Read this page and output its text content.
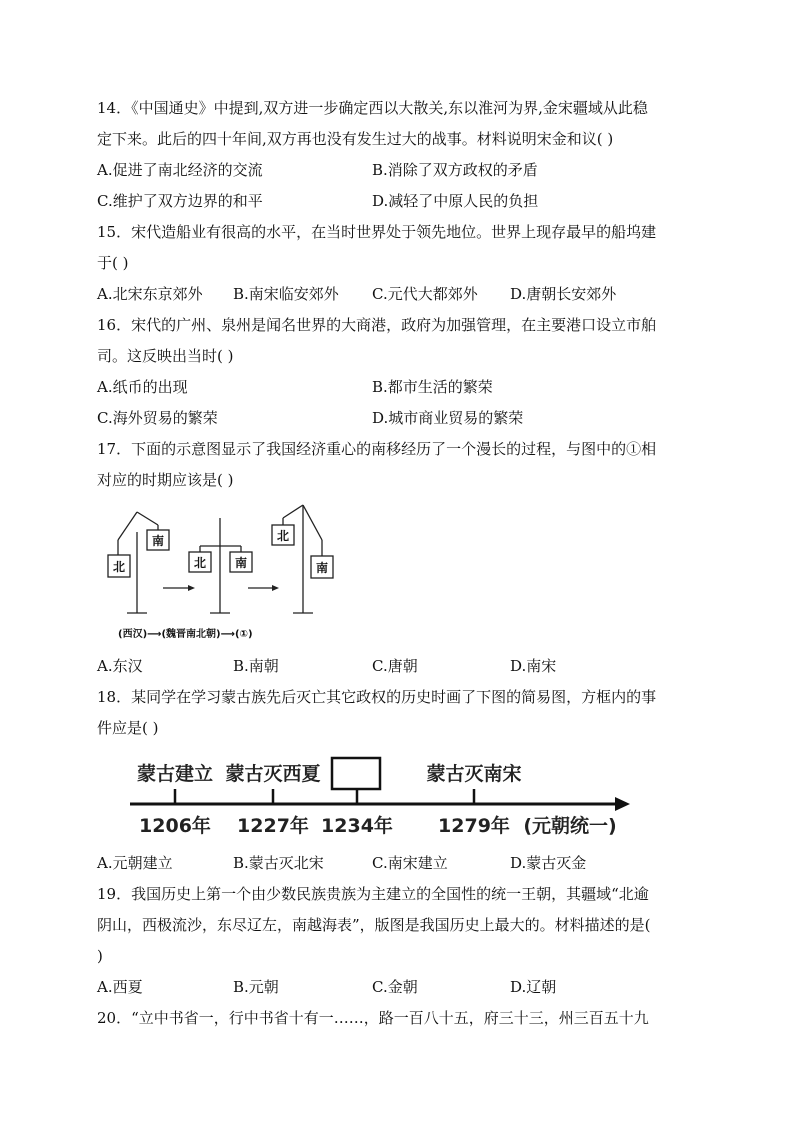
14．《中国通史》中提到,双方进一步确定西以大散关,东以淮河为界,金宋疆域从此稳
定下来。此后的四十年间,双方再也没有发生过大的战事。材料说明宋金和议( )
A.促进了南北经济的交流	B.消除了双方政权的矛盾
C.维护了双方边界的和平	D.减轻了中原人民的负担
15．宋代造船业有很高的水平，在当时世界处于领先地位。世界上现存最早的船坞建
于( )
A.北宋东京郊外 B.南宋临安郊外 C.元代大都郊外 D.唐朝长安郊外
16．宋代的广州、泉州是闻名世界的大商港，政府为加强管理，在主要港口设立市舶
司。这反映出当时( )
A.纸币的出现	B.都市生活的繁荣
C.海外贸易的繁荣	D.城市商业贸易的繁荣
17．下面的示意图显示了我国经济重心的南移经历了一个漫长的过程，与图中的①相
对应的时期应该是( )
北
南
北 南
北
南
(西汉)⟶(魏晋南北朝)⟶(①)
A.东汉	B.南朝	C.唐朝	D.南宋
18．某同学在学习蒙古族先后灭亡其它政权的历史时画了下图的简易图，方框内的事
件应是( )
蒙古建立 蒙古灭西夏	蒙古灭南宋
1206年 1227年 1234年 1279年 (元朝统一)
A.元朝建立	B.蒙古灭北宋	C.南宋建立	D.蒙古灭金
19．我国历史上第一个由少数民族贵族为主建立的全国性的统一王朝，其疆域“北逾
阴山，西极流沙，东尽辽左，南越海表”，版图是我国历史上最大的。材料描述的是(
)
A.西夏	B.元朝	C.金朝	D.辽朝
20．“立中书省一，行中书省十有一……，路一百八十五，府三十三，州三百五十九
